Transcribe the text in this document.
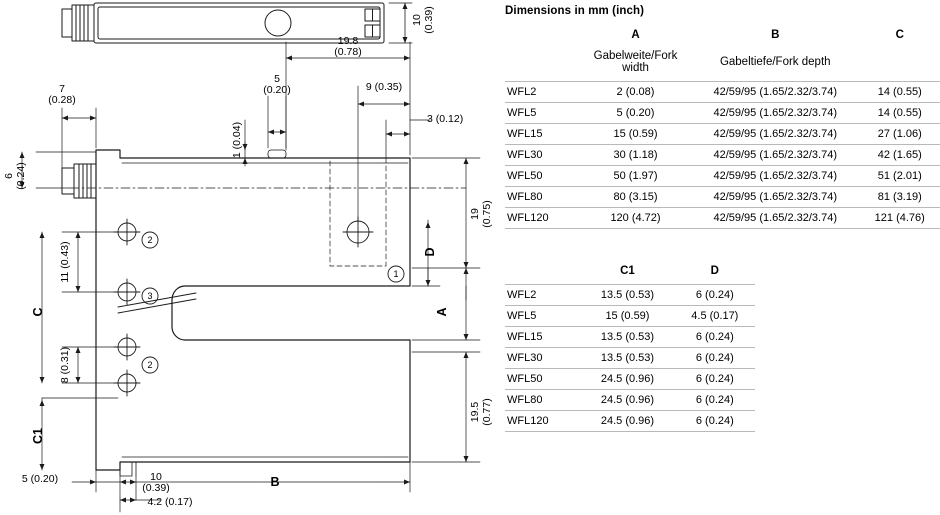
10 (0.39)
19.8
(0.78)
7
(0.28)
9 (0.35)
5
(0.20)
1 (0.04)
3 (0.12)
6 (0.24)
19 (0.75)
11 (0.43)
8 (0.31)
19.5 (0.77)
5 (0.20)	10
(0.39)
4.2 (0.17)
A
B
C
C1
D
1
2
3
2
Dimensions in mm (inch)
	A	B	C
	Gabelweite/Fork width	Gabeltiefe/Fork depth	
WFL2	2 (0.08)	42/59/95 (1.65/2.32/3.74)	14 (0.55)
WFL5	5 (0.20)	42/59/95 (1.65/2.32/3.74)	14 (0.55)
WFL15	15 (0.59)	42/59/95 (1.65/2.32/3.74)	27 (1.06)
WFL30	30 (1.18)	42/59/95 (1.65/2.32/3.74)	42 (1.65)
WFL50	50 (1.97)	42/59/95 (1.65/2.32/3.74)	51 (2.01)
WFL80	80 (3.15)	42/59/95 (1.65/2.32/3.74)	81 (3.19)
WFL120	120 (4.72)	42/59/95 (1.65/2.32/3.74)	121 (4.76)
	C1	D
WFL2	13.5 (0.53)	6 (0.24)
WFL5	15 (0.59)	4.5 (0.17)
WFL15	13.5 (0.53)	6 (0.24)
WFL30	13.5 (0.53)	6 (0.24)
WFL50	24.5 (0.96)	6 (0.24)
WFL80	24.5 (0.96)	6 (0.24)
WFL120	24.5 (0.96)	6 (0.24)
